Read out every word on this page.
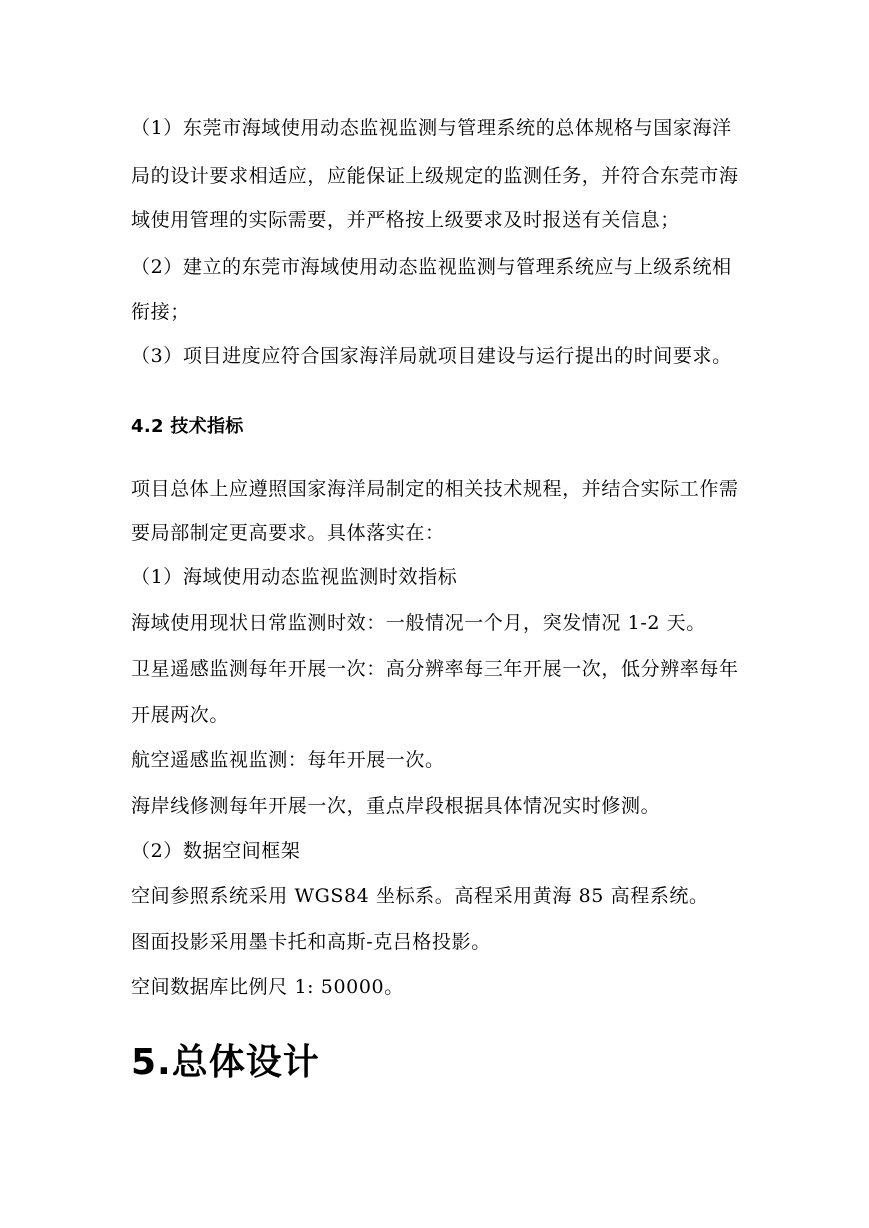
（1）东莞市海域使用动态监视监测与管理系统的总体规格与国家海洋
局的设计要求相适应，应能保证上级规定的监测任务，并符合东莞市海
域使用管理的实际需要，并严格按上级要求及时报送有关信息；
（2）建立的东莞市海域使用动态监视监测与管理系统应与上级系统相
衔接；
（3）项目进度应符合国家海洋局就项目建设与运行提出的时间要求。
4.2 技术指标
项目总体上应遵照国家海洋局制定的相关技术规程，并结合实际工作需
要局部制定更高要求。具体落实在：
（1）海域使用动态监视监测时效指标
海域使用现状日常监测时效：一般情况一个月，突发情况 1-2 天。
卫星遥感监测每年开展一次：高分辨率每三年开展一次，低分辨率每年
开展两次。
航空遥感监视监测：每年开展一次。
海岸线修测每年开展一次，重点岸段根据具体情况实时修测。
（2）数据空间框架
空间参照系统采用 WGS84 坐标系。高程采用黄海 85 高程系统。
图面投影采用墨卡托和高斯-克吕格投影。
空间数据库比例尺 1: 50000。
5.总体设计
